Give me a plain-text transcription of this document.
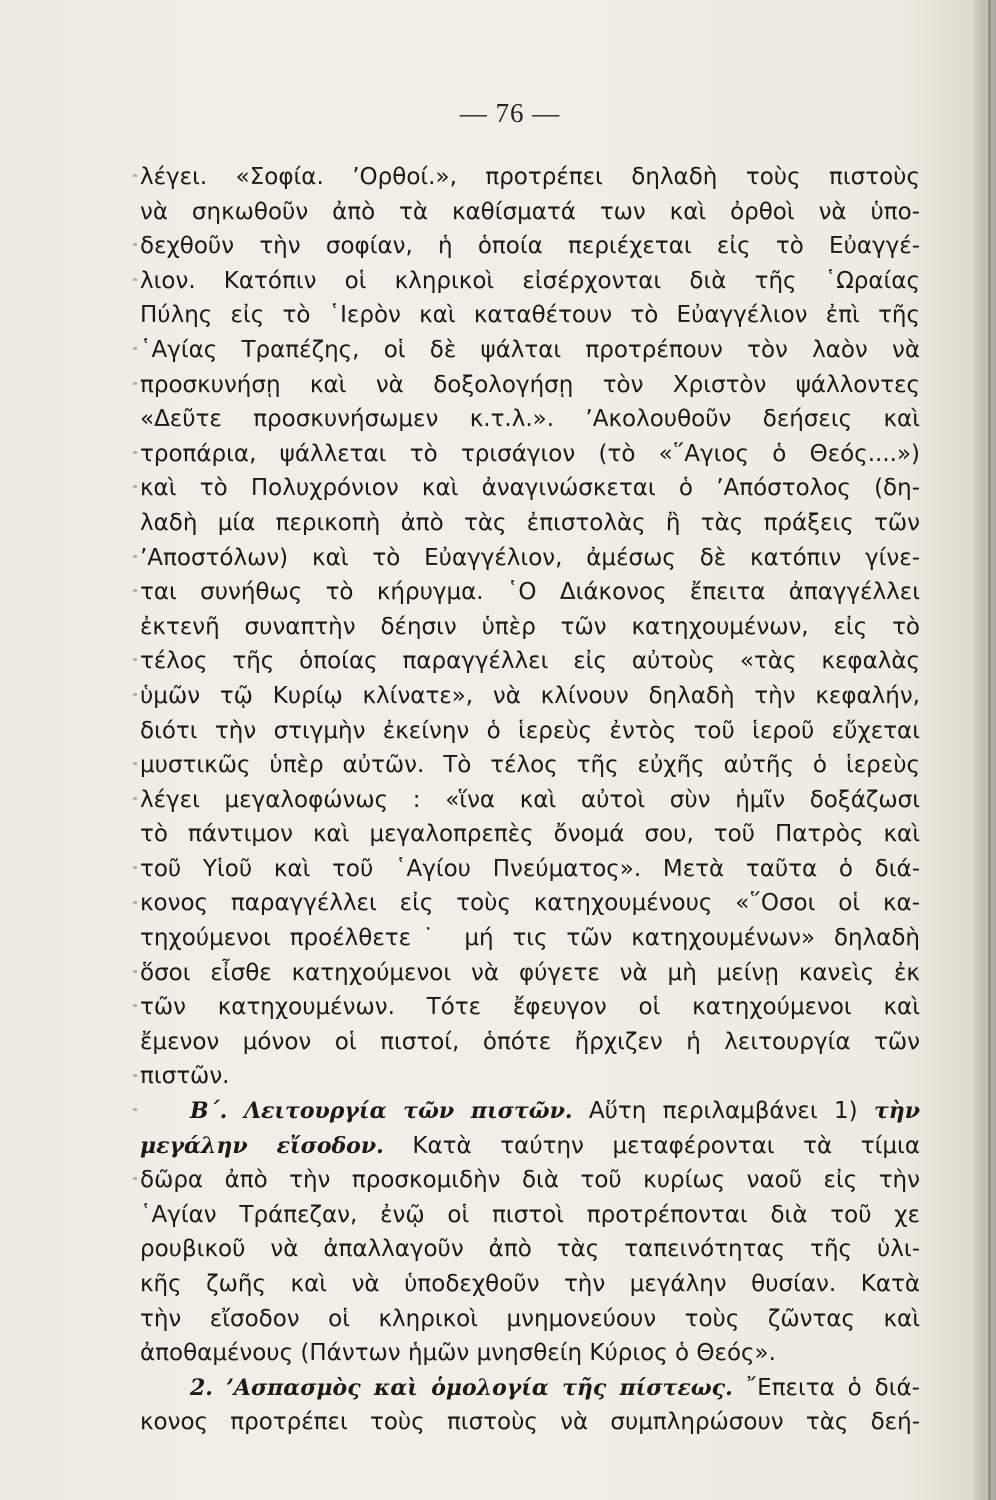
— 76 —
λέγει. «Σοφία. ’Ορθοί.», προτρέπει δηλαδὴ τοὺς πιστοὺς
νὰ σηκωθοῦν ἀπὸ τὰ καθίσματά των καὶ ὀρθοὶ νὰ ὑπο-
δεχθοῦν τὴν σοφίαν, ἡ ὁποία περιέχεται εἰς τὸ Εὐαγγέ-
λιον. Κατόπιν οἱ κληρικοὶ εἰσέρχονται διὰ τῆς ῾Ωραίας
Πύλης εἰς τὸ ῾Ιερὸν καὶ καταθέτουν τὸ Εὐαγγέλιον ἐπὶ τῆς
῾Αγίας Τραπέζης, οἱ δὲ ψάλται προτρέπουν τὸν λαὸν νὰ
προσκυνήσῃ καὶ νὰ δοξολογήσῃ τὸν Χριστὸν ψάλλοντες
«Δεῦτε προσκυνήσωμεν κ.τ.λ.». ’Ακολουθοῦν δεήσεις καὶ
τροπάρια, ψάλλεται τὸ τρισάγιον (τὸ «῞Αγιος ὁ Θεός....»)
καὶ τὸ Πολυχρόνιον καὶ ἀναγινώσκεται ὁ ’Απόστολος (δη-
λαδὴ μία περικοπὴ ἀπὸ τὰς ἐπιστολὰς ἢ τὰς πράξεις τῶν
’Αποστόλων) καὶ τὸ Εὐαγγέλιον, ἀμέσως δὲ κατόπιν γίνε-
ται συνήθως τὸ κήρυγμα. ῾Ο Διάκονος ἔπειτα ἀπαγγέλλει
ἐκτενῆ συναπτὴν δέησιν ὑπὲρ τῶν κατηχουμένων, εἰς τὸ
τέλος τῆς ὁποίας παραγγέλλει εἰς αὐτοὺς «τὰς κεφαλὰς
ὑμῶν τῷ Κυρίῳ κλίνατε», νὰ κλίνουν δηλαδὴ τὴν κεφαλήν,
διότι τὴν στιγμὴν ἐκείνην ὁ ἱερεὺς ἐντὸς τοῦ ἱεροῦ εὔχεται
μυστικῶς ὑπὲρ αὐτῶν. Τὸ τέλος τῆς εὐχῆς αὐτῆς ὁ ἱερεὺς
λέγει μεγαλοφώνως : «ἵνα καὶ αὐτοὶ σὺν ἡμῖν δοξάζωσι
τὸ πάντιμον καὶ μεγαλοπρεπὲς ὄνομά σου, τοῦ Πατρὸς καὶ
τοῦ Υἱοῦ καὶ τοῦ ῾Αγίου Πνεύματος». Μετὰ ταῦτα ὁ διά-
κονος παραγγέλλει εἰς τοὺς κατηχουμένους «῞Οσοι οἱ κα-
τηχούμενοι προέλθετε˙ μή τις τῶν κατηχουμένων» δηλαδὴ
ὅσοι εἶσθε κατηχούμενοι νὰ φύγετε νὰ μὴ μείνῃ κανεὶς ἐκ
τῶν κατηχουμένων. Τότε ἔφευγον οἱ κατηχούμενοι καὶ
ἔμενον μόνον οἱ πιστοί, ὁπότε ἤρχιζεν ἡ λειτουργία τῶν
πιστῶν.
Β΄. Λειτουργία τῶν πιστῶν. Αὕτη περιλαμβάνει 1) τὴν
μεγάλην εἴσοδον. Κατὰ ταύτην μεταφέρονται τὰ τίμια
δῶρα ἀπὸ τὴν προσκομιδὴν διὰ τοῦ κυρίως ναοῦ εἰς τὴν
῾Αγίαν Τράπεζαν, ἐνῷ οἱ πιστοὶ προτρέπονται διὰ τοῦ χε
ρουβικοῦ νὰ ἀπαλλαγοῦν ἀπὸ τὰς ταπεινότητας τῆς ὑλι-
κῆς ζωῆς καὶ νὰ ὑποδεχθοῦν τὴν μεγάλην θυσίαν. Κατὰ
τὴν εἴσοδον οἱ κληρικοὶ μνημονεύουν τοὺς ζῶντας καὶ
ἀποθαμένους (Πάντων ἡμῶν μνησθείη Κύριος ὁ Θεός».
2. ’Ασπασμὸς καὶ ὁμολογία τῆς πίστεως. ῎Επειτα ὁ διά-
κονος προτρέπει τοὺς πιστοὺς νὰ συμπληρώσουν τὰς δεή-
